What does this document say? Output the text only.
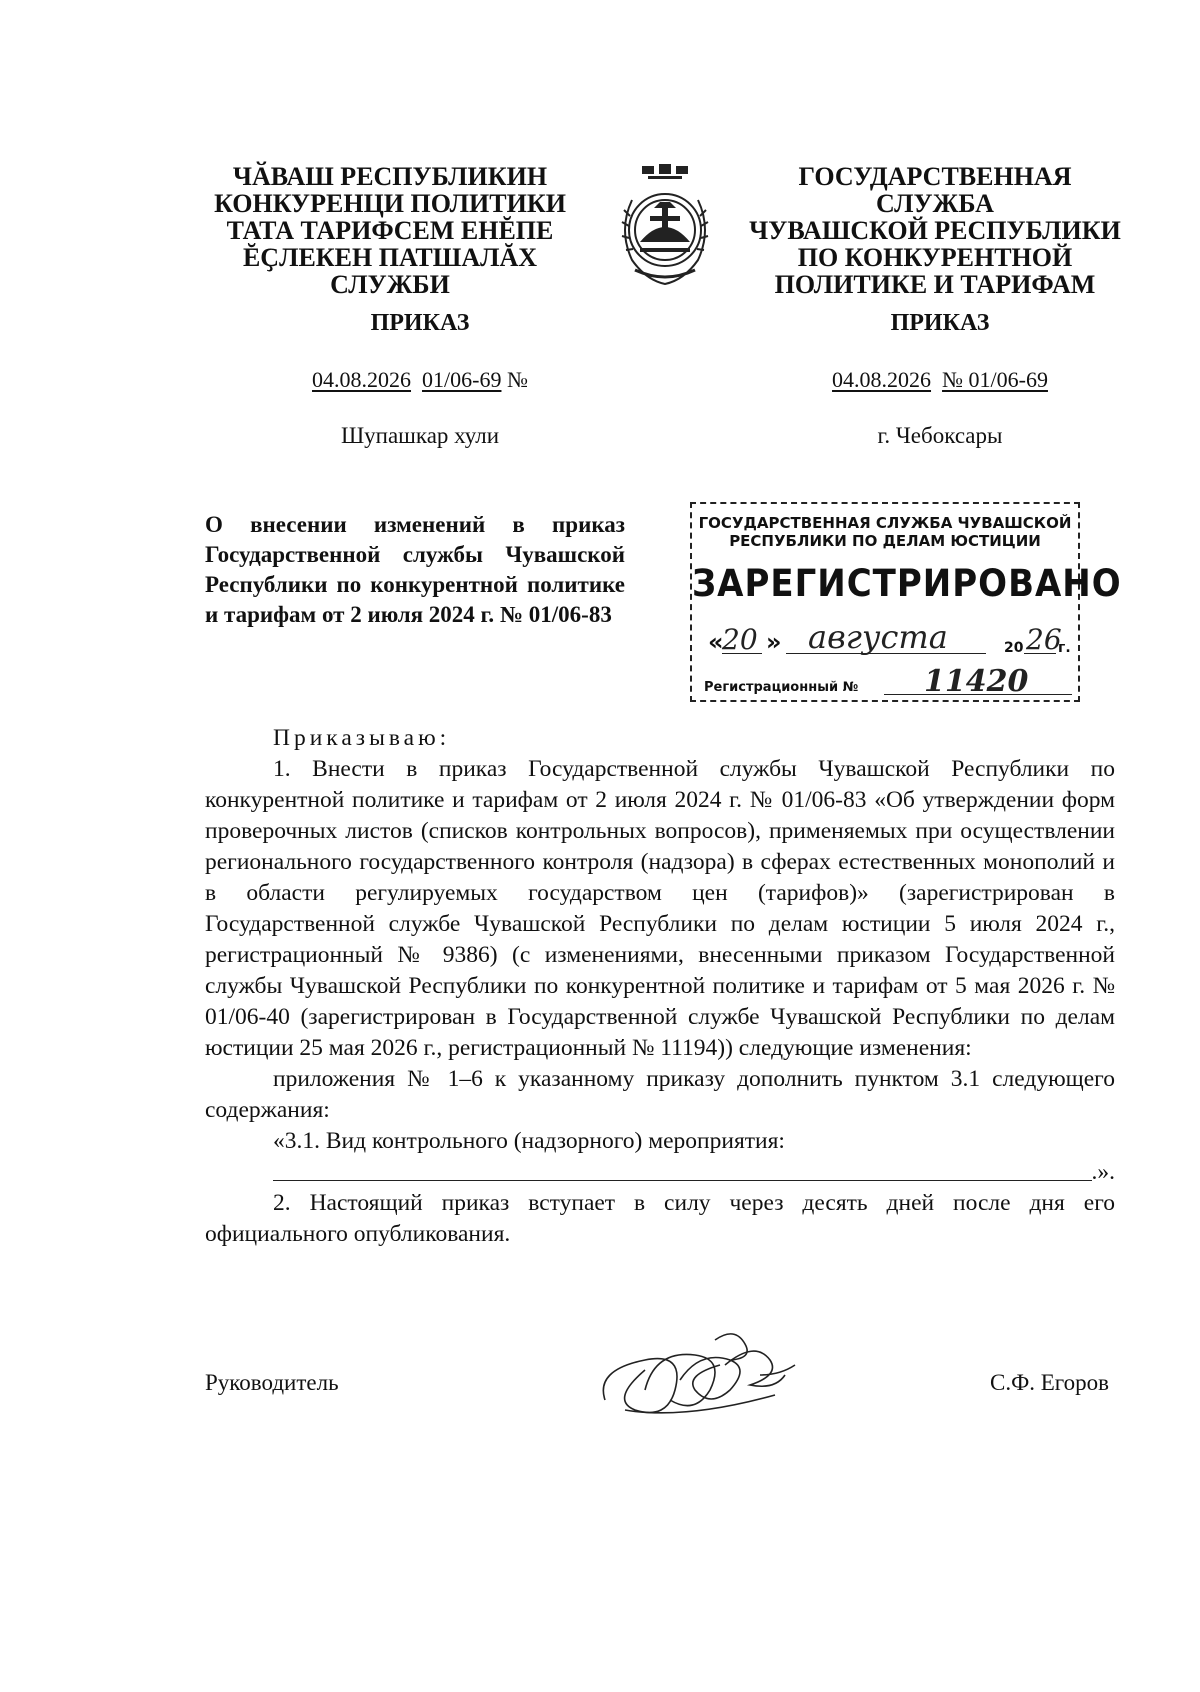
ЧӐВАШ РЕСПУБЛИКИН
КОНКУРЕНЦИ ПОЛИТИКИ
ТАТА ТАРИФСЕМ ЕНĔПЕ
ĔҪЛЕКЕН ПАТШАЛĂХ СЛУЖБИ
ГОСУДАРСТВЕННАЯ СЛУЖБА
ЧУВАШСКОЙ РЕСПУБЛИКИ
ПО КОНКУРЕНТНОЙ
ПОЛИТИКЕ И ТАРИФАМ
ПРИКАЗ	ПРИКАЗ
04.08.2026 01/06-69 №	04.08.2026 № 01/06-69
Шупашкар хули	г. Чебоксары
О внесении изменений в приказ Государственной службы Чувашской Республики по конкурентной политике и тарифам от 2 июля 2024 г. № 01/06-83
ГОСУДАРСТВЕННАЯ СЛУЖБА ЧУВАШСКОЙ
РЕСПУБЛИКИ ПО ДЕЛАМ ЮСТИЦИИ
ЗАРЕГИСТРИРОВАНО
«
20 » августа	20 26
г.
Регистрационный № 11420

Приказываю:

1. Внести в приказ Государственной службы Чувашской Республики по конкурентной политике и тарифам от 2 июля 2024 г. № 01/06-83 «Об утверждении форм проверочных листов (списков контрольных вопросов), применяемых при осуществлении регионального государственного контроля (надзора) в сферах естественных монополий и в области регулируемых государством цен (тарифов)» (зарегистрирован в Государственной службе Чувашской Республики по делам юстиции 5 июля 2024 г., регистрационный № 9386) (с изменениями, внесенными приказом Государственной службы Чувашской Республики по конкурентной политике и тарифам от 5 мая 2026 г. № 01/06-40 (зарегистрирован в Государственной службе Чувашской Республики по делам юстиции 25 мая 2026 г., регистрационный № 11194)) следующие изменения:

приложения № 1–6 к указанному приказу дополнить пунктом 3.1 следующего содержания:

«3.1. Вид контрольного (надзорного) мероприятия:

.».

2. Настоящий приказ вступает в силу через десять дней после дня его официального опубликования.

Руководитель	С.Ф. Егоров
